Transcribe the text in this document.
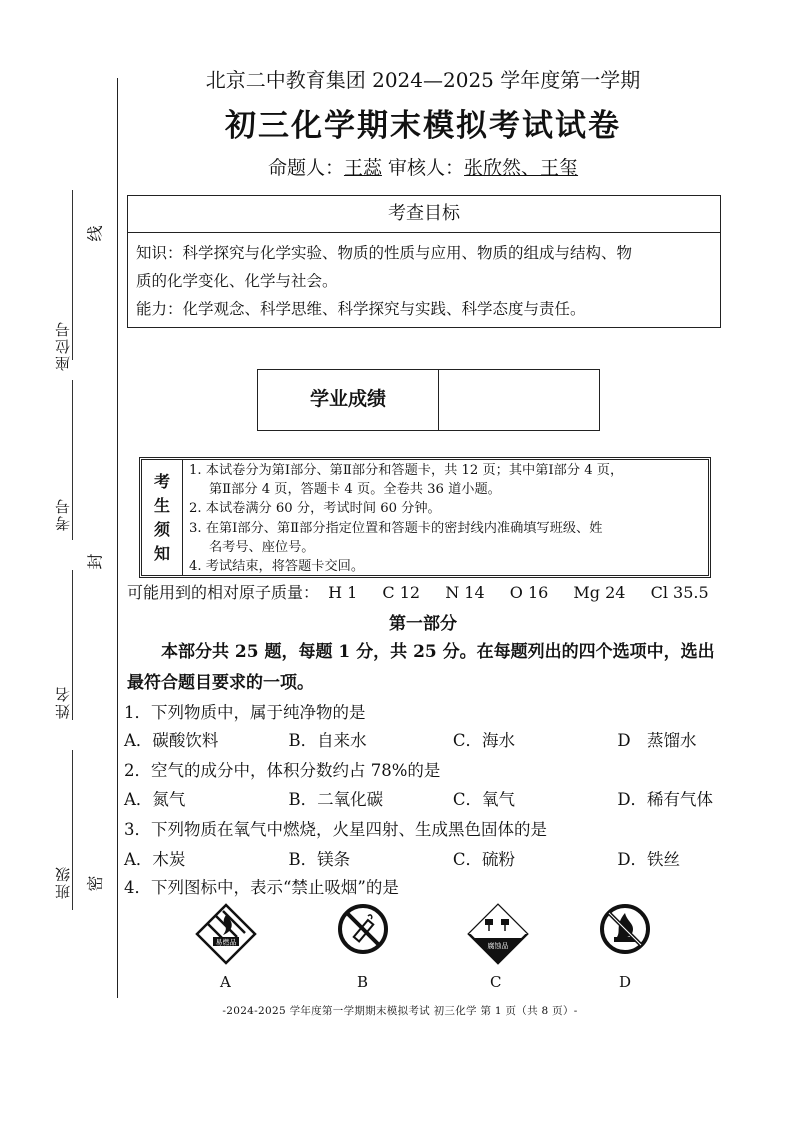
座位号
考号
姓名
班级
线
封
密
北京二中教育集团 2024—2025 学年度第一学期
初三化学期末模拟考试试卷
命题人：王蕊 审核人：张欣然、王玺
考查目标
知识：科学探究与化学实验、物质的性质与应用、物质的组成与结构、物
质的化学变化、化学与社会。
能力：化学观念、科学思维、科学探究与实践、科学态度与责任。
学业成绩
考
生
须
知
1. 本试卷分为第Ⅰ部分、第Ⅱ部分和答题卡，共 12 页；其中第Ⅰ部分 4 页，
第Ⅱ部分 4 页，答题卡 4 页。全卷共 36 道小题。
2. 本试卷满分 60 分，考试时间 60 分钟。
3. 在第Ⅰ部分、第Ⅱ部分指定位置和答题卡的密封线内准确填写班级、姓
名考号、座位号。
4. 考试结束，将答题卡交回。
可能用到的相对原子质量： H 1 C 12 N 14 O 16 Mg 24 Cl 35.5
第一部分
本部分共 25 题，每题 1 分，共 25 分。在每题列出的四个选项中，选出最符合题目要求的一项。
1．下列物质中，属于纯净物的是
A．碳酸饮料	B．自来水	C．海水	D　蒸馏水
2．空气的成分中，体积分数约占 78%的是
A．氮气	B．二氧化碳	C．氧气	D．稀有气体
3．下列物质在氧气中燃烧，火星四射、生成黑色固体的是
A．木炭	B．镁条	C．硫粉	D．铁丝
4．下列图标中，表示“禁止吸烟”的是
易燃品	腐蚀品
A	B	C	D
-2024-2025 学年度第一学期期末模拟考试 初三化学 第 1 页（共 8 页）-
